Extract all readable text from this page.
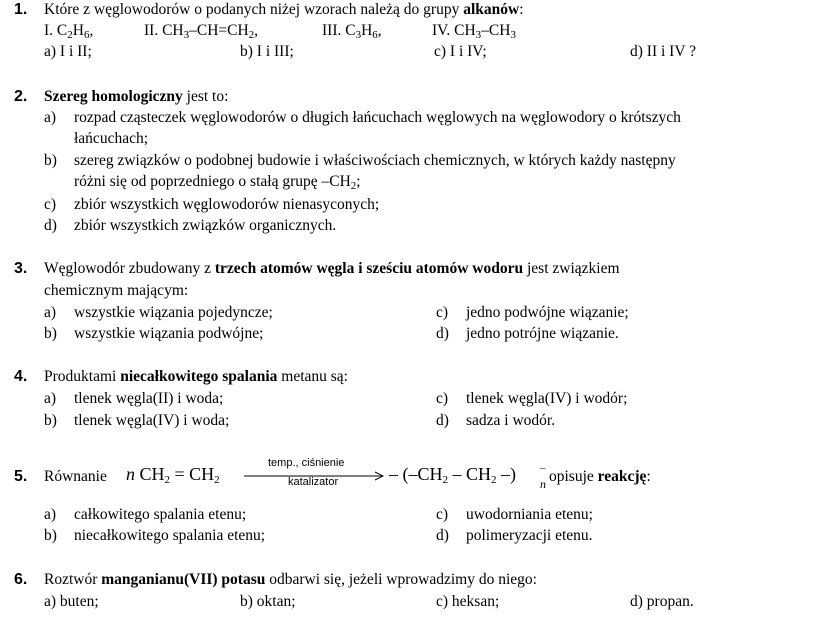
1. Które z węglowodorów o podanych niżej wzorach należą do grupy alkanów:
I. $C_2H_6$,	II. $CH_3-CH=CH_2$,	III. $C_3H_6$,	IV. $CH_3-CH_3$
a) I i II;	b) I i III;	c) I i IV;	d) II i IV ?
2. Szereg homologiczny jest to:
a) rozpad cząsteczek węglowodorów o długich łańcuchach węglowych na węglowodory o krótszych
łańcuchach;
b) szereg związków o podobnej budowie i właściwościach chemicznych, w których każdy następny
różni się od poprzedniego o stałą grupę $-CH_2$;
c) zbiór wszystkich węglowodorów nienasyconych;
d) zbiór wszystkich związków organicznych.
3. Węglowodór zbudowany z trzech atomów węgla i sześciu atomów wodoru jest związkiem
chemicznym mającym:
a) wszystkie wiązania pojedyncze;	c) jedno podwójne wiązanie;
b) wszystkie wiązania podwójne;	d) jedno potrójne wiązanie.
4. Produktami niecałkowitego spalania metanu są:
a) tlenek węgla(II) i woda;	c) tlenek węgla(IV) i wodór;
b) tlenek węgla(IV) i woda;	d) sadza i wodór.
5. Równanie n $CH_2 = CH_2$
temp., ciśnienie
katalizator	– ($-CH_2 - CH_2$ –) –
n opisuje reakcję:
a) całkowitego spalania etenu;	c) uwodorniania etenu;
b) niecałkowitego spalania etenu;	d) polimeryzacji etenu.
6. Roztwór manganianu(VII) potasu odbarwi się, jeżeli wprowadzimy do niego:
a) buten;	b) oktan;	c) heksan;	d) propan.
